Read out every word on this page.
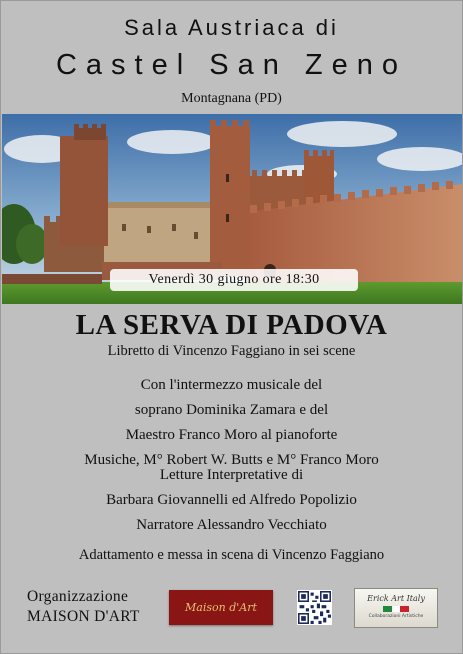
Sala Austriaca di
Castel San Zeno
Montagnana (PD)
Venerdì 30 giugno ore 18:30
LA SERVA DI PADOVA
Libretto di Vincenzo Faggiano in sei scene
Con l'intermezzo musicale del
soprano Dominika Zamara e del
Maestro Franco Moro al pianoforte
Musiche, M° Robert W. Butts e M° Franco Moro
Letture Interpretative di
Barbara Giovannelli ed Alfredo Popolizio
Narratore Alessandro Vecchiato
Adattamento e messa in scena di Vincenzo Faggiano
Organizzazione
MAISON D'ART
Maison d'Art
Erick Art Italy
Collaborazioni Artistiche
